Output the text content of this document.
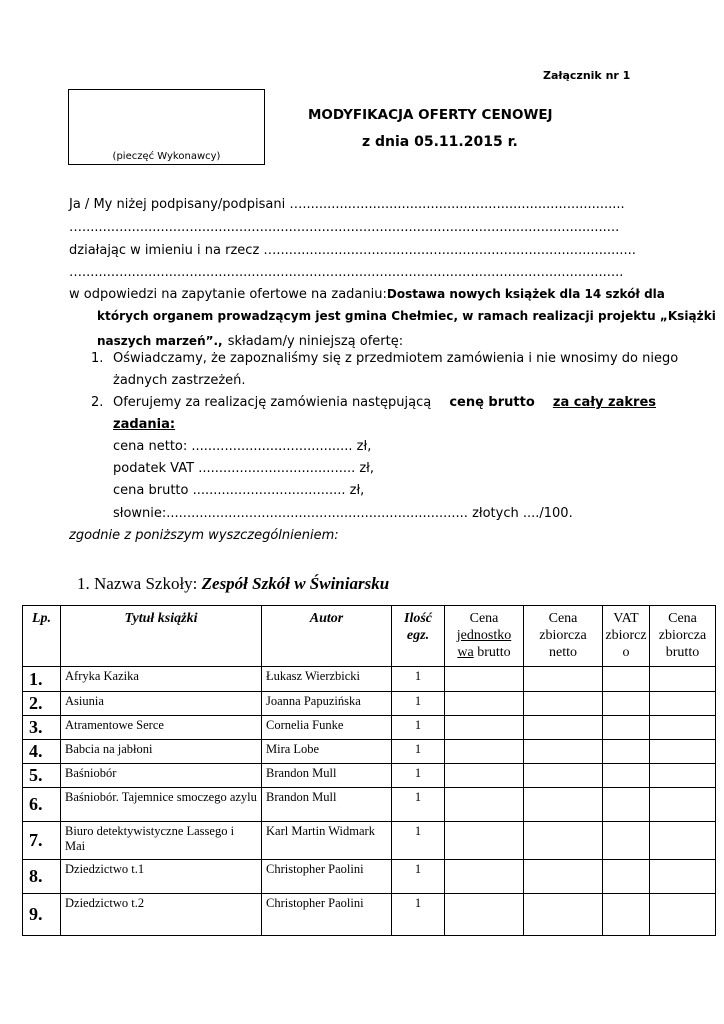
Załącznik nr 1
(pieczęć Wykonawcy)
MODYFIKACJA OFERTY CENOWEJ
z dnia 05.11.2015 r.
Ja / My niżej podpisany/podpisani …..............................................................................
…..................................................................................................................................
działając w imieniu i na rzecz ….......................................................................................
…...................................................................................................................................
w odpowiedzi na zapytanie ofertowe na zadaniu: Dostawa nowych książek dla 14 szkół dla
których organem prowadzącym jest gmina Chełmiec, w ramach realizacji projektu „Książki
naszych marzeń”., składam/y niniejszą ofertę:
1. Oświadczamy, że zapoznaliśmy się z przedmiotem zamówienia i nie wnosimy do niego
żadnych zastrzeżeń.
2. Oferujemy za realizację zamówienia następującą cenę brutto za cały zakres
zadania:
cena netto: ....................................... zł,
podatek VAT ...................................... zł,
cena brutto ..................................... zł,
słownie:......................................................................... złotych ..../100.
zgodnie z poniższym wyszczególnieniem:
1. Nazwa Szkoły: Zespół Szkół w Świniarsku
Lp.	Tytuł książki	Autor	Ilość
egz.	Cena
jednostko
wa brutto	Cena
zbiorcza
netto	VAT
zbiorcz
o	Cena
zbiorcza
brutto
1.	Afryka Kazika	Łukasz Wierzbicki	1				
2.	Asiunia	Joanna Papuzińska	1				
3.	Atramentowe Serce	Cornelia Funke	1				
4.	Babcia na jabłoni	Mira Lobe	1				
5.	Baśniobór	Brandon Mull	1				
6.	Baśniobór. Tajemnice smoczego azylu	Brandon Mull	1				
7.	Biuro detektywistyczne Lassego i Mai	Karl Martin Widmark	1				
8.	Dziedzictwo t.1	Christopher Paolini	1				
9.	Dziedzictwo t.2	Christopher Paolini	1				
